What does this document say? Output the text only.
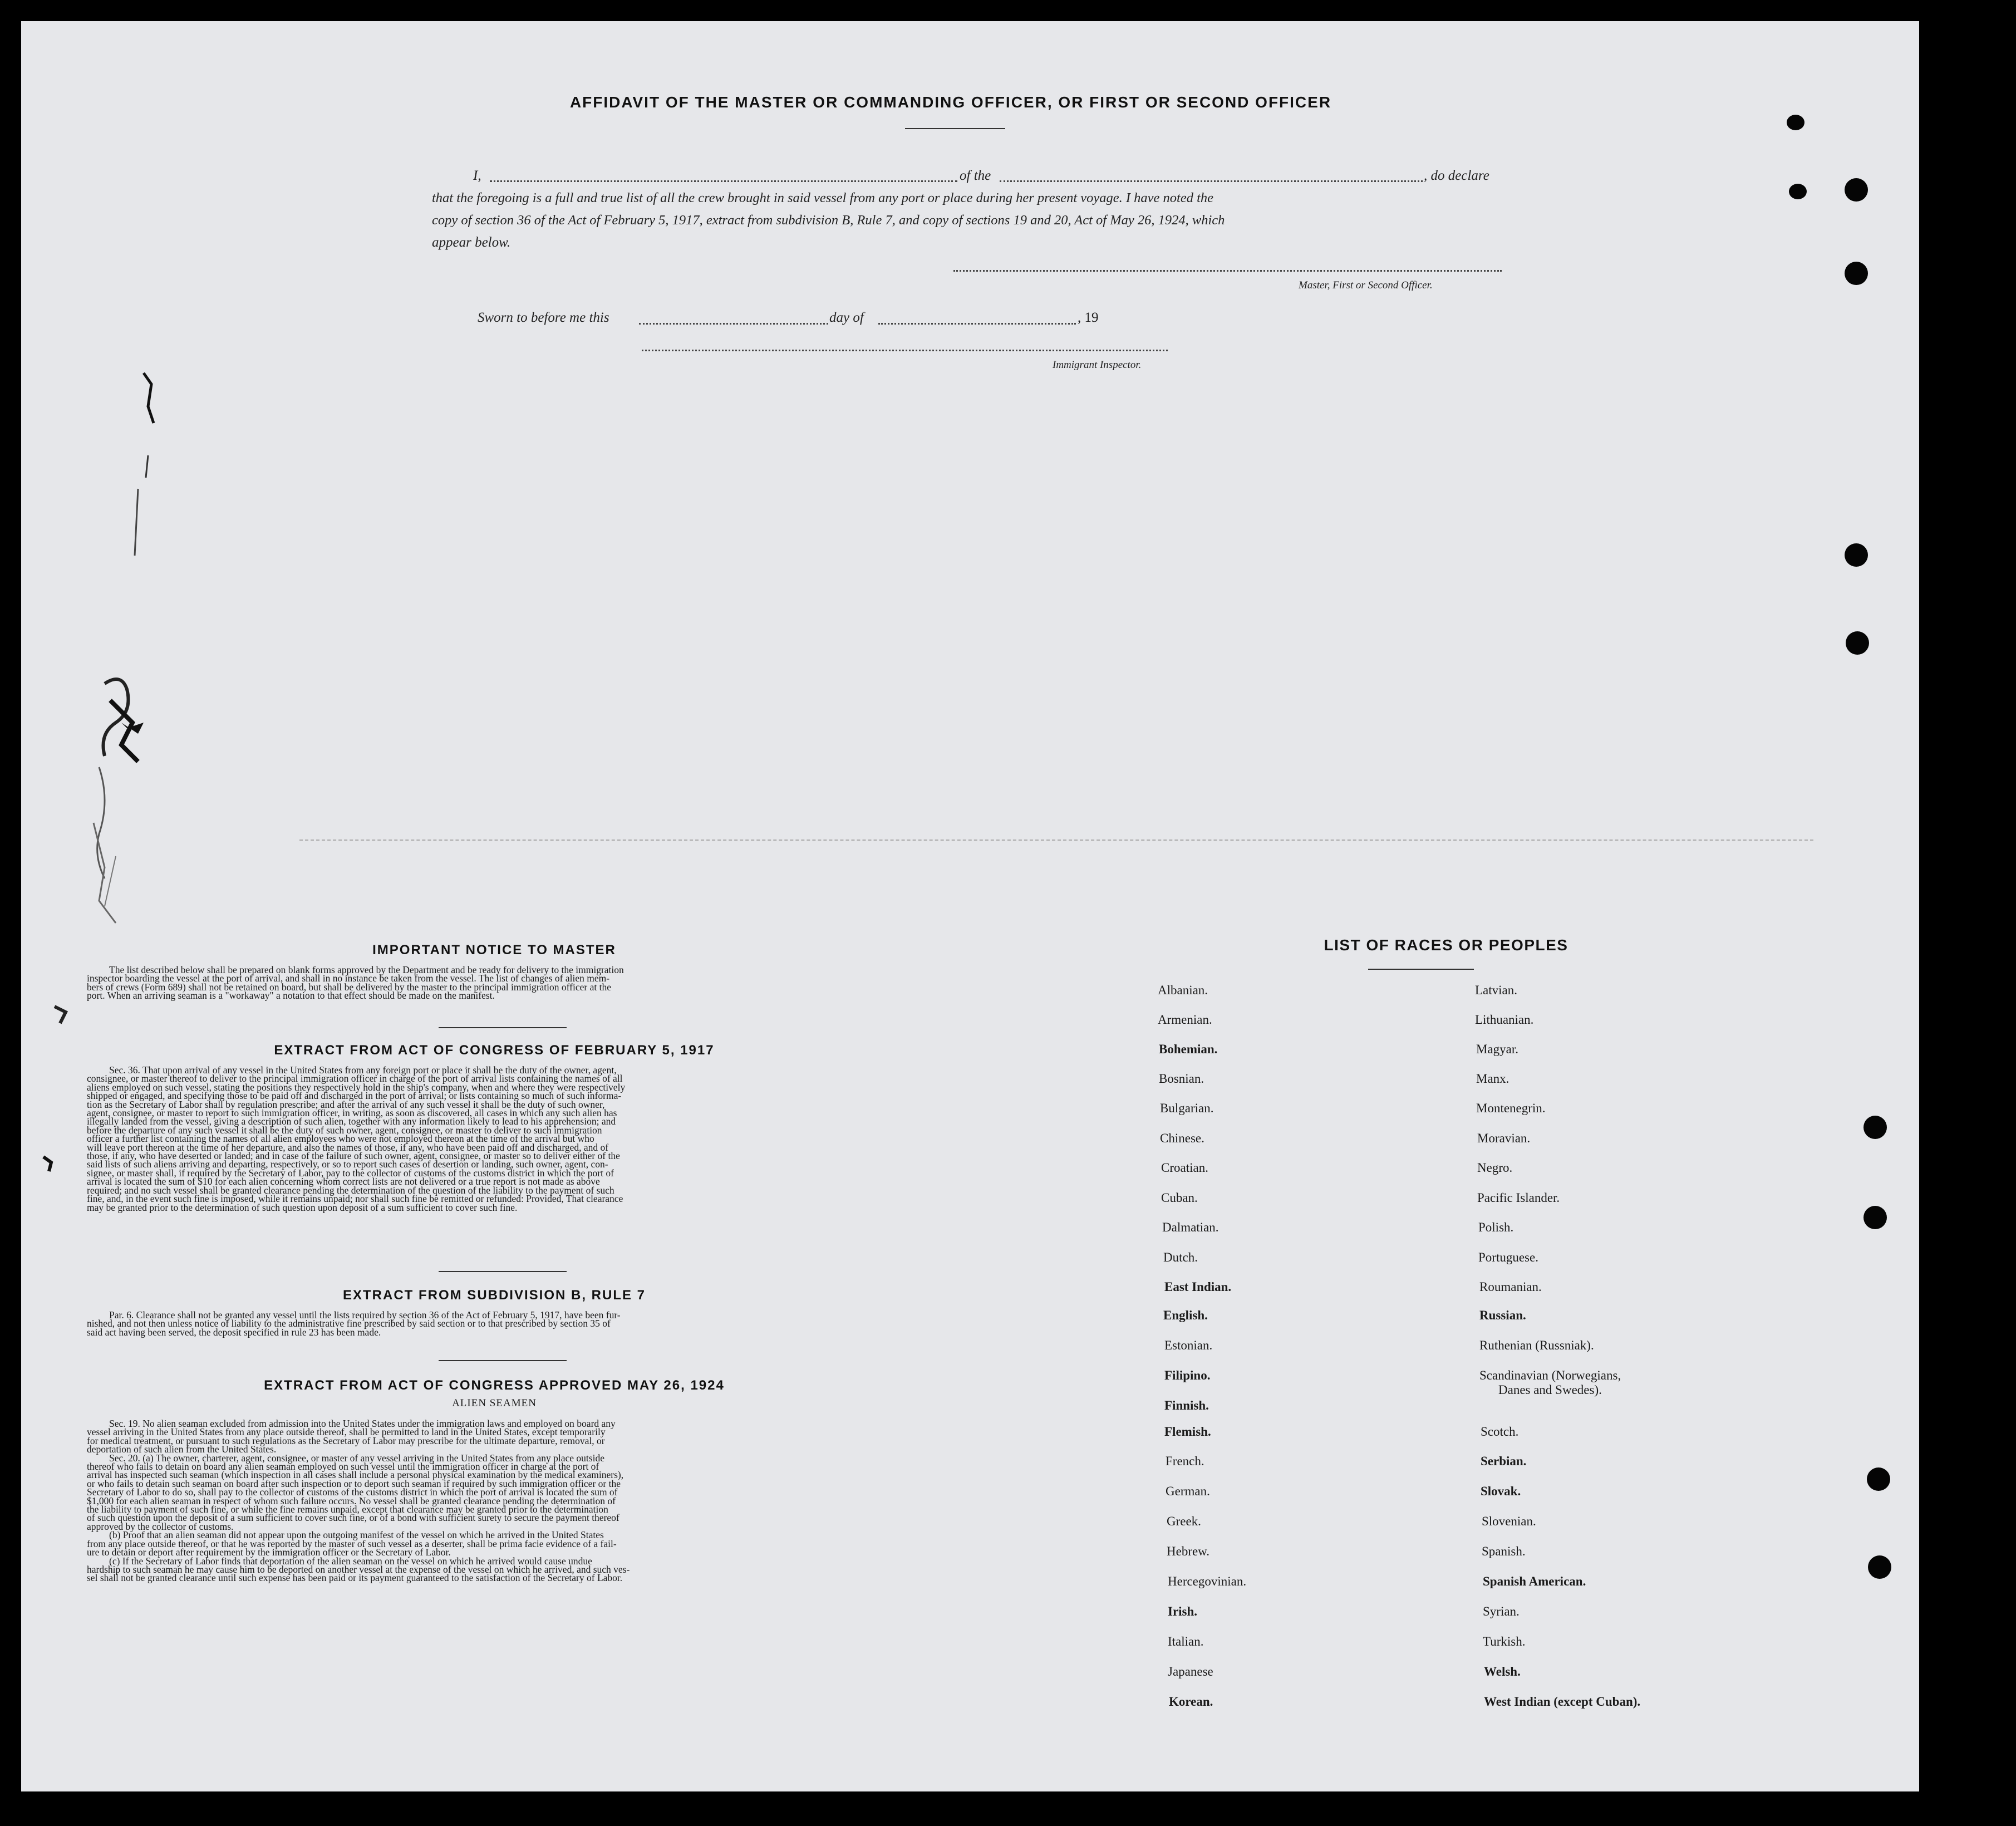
AFFIDAVIT OF THE MASTER OR COMMANDING OFFICER, OR FIRST OR SECOND OFFICER
I,	of the	, do declare
that the foregoing is a full and true list of all the crew brought in said vessel from any port or place during her present voyage. I have noted the
copy of section 36 of the Act of February 5, 1917, extract from subdivision B, Rule 7, and copy of sections 19 and 20, Act of May 26, 1924, which
appear below.
Master, First or Second Officer.
Sworn to before me this	day of	, 19
Immigrant Inspector.
IMPORTANT NOTICE TO MASTER
The list described below shall be prepared on blank forms approved by the Department and be ready for delivery to the immigration
inspector boarding the vessel at the port of arrival, and shall in no instance be taken from the vessel. The list of changes of alien mem-
bers of crews (Form 689) shall not be retained on board, but shall be delivered by the master to the principal immigration officer at the
port. When an arriving seaman is a "workaway" a notation to that effect should be made on the manifest.
EXTRACT FROM ACT OF CONGRESS OF FEBRUARY 5, 1917
Sec. 36. That upon arrival of any vessel in the United States from any foreign port or place it shall be the duty of the owner, agent,
consignee, or master thereof to deliver to the principal immigration officer in charge of the port of arrival lists containing the names of all
aliens employed on such vessel, stating the positions they respectively hold in the ship's company, when and where they were respectively
shipped or engaged, and specifying those to be paid off and discharged in the port of arrival; or lists containing so much of such informa-
tion as the Secretary of Labor shall by regulation prescribe; and after the arrival of any such vessel it shall be the duty of such owner,
agent, consignee, or master to report to such immigration officer, in writing, as soon as discovered, all cases in which any such alien has
illegally landed from the vessel, giving a description of such alien, together with any information likely to lead to his apprehension; and
before the departure of any such vessel it shall be the duty of such owner, agent, consignee, or master to deliver to such immigration
officer a further list containing the names of all alien employees who were not employed thereon at the time of the arrival but who
will leave port thereon at the time of her departure, and also the names of those, if any, who have been paid off and discharged, and of
those, if any, who have deserted or landed; and in case of the failure of such owner, agent, consignee, or master so to deliver either of the
said lists of such aliens arriving and departing, respectively, or so to report such cases of desertion or landing, such owner, agent, con-
signee, or master shall, if required by the Secretary of Labor, pay to the collector of customs of the customs district in which the port of
arrival is located the sum of $10 for each alien concerning whom correct lists are not delivered or a true report is not made as above
required; and no such vessel shall be granted clearance pending the determination of the question of the liability to the payment of such
fine, and, in the event such fine is imposed, while it remains unpaid; nor shall such fine be remitted or refunded: Provided, That clearance
may be granted prior to the determination of such question upon deposit of a sum sufficient to cover such fine.
EXTRACT FROM SUBDIVISION B, RULE 7
Par. 6. Clearance shall not be granted any vessel until the lists required by section 36 of the Act of February 5, 1917, have been fur-
nished, and not then unless notice of liability to the administrative fine prescribed by said section or to that prescribed by section 35 of
said act having been served, the deposit specified in rule 23 has been made.
EXTRACT FROM ACT OF CONGRESS APPROVED MAY 26, 1924
ALIEN SEAMEN
Sec. 19. No alien seaman excluded from admission into the United States under the immigration laws and employed on board any
vessel arriving in the United States from any place outside thereof, shall be permitted to land in the United States, except temporarily
for medical treatment, or pursuant to such regulations as the Secretary of Labor may prescribe for the ultimate departure, removal, or
deportation of such alien from the United States.
Sec. 20. (a) The owner, charterer, agent, consignee, or master of any vessel arriving in the United States from any place outside
thereof who fails to detain on board any alien seaman employed on such vessel until the immigration officer in charge at the port of
arrival has inspected such seaman (which inspection in all cases shall include a personal physical examination by the medical examiners),
or who fails to detain such seaman on board after such inspection or to deport such seaman if required by such immigration officer or the
Secretary of Labor to do so, shall pay to the collector of customs of the customs district in which the port of arrival is located the sum of
$1,000 for each alien seaman in respect of whom such failure occurs. No vessel shall be granted clearance pending the determination of
the liability to payment of such fine, or while the fine remains unpaid, except that clearance may be granted prior to the determination
of such question upon the deposit of a sum sufficient to cover such fine, or of a bond with sufficient surety to secure the payment thereof
approved by the collector of customs.
(b) Proof that an alien seaman did not appear upon the outgoing manifest of the vessel on which he arrived in the United States
from any place outside thereof, or that he was reported by the master of such vessel as a deserter, shall be prima facie evidence of a fail-
ure to detain or deport after requirement by the immigration officer or the Secretary of Labor.
(c) If the Secretary of Labor finds that deportation of the alien seaman on the vessel on which he arrived would cause undue
hardship to such seaman he may cause him to be deported on another vessel at the expense of the vessel on which he arrived, and such ves-
sel shall not be granted clearance until such expense has been paid or its payment guaranteed to the satisfaction of the Secretary of Labor.
LIST OF RACES OR PEOPLES
Albanian.
Armenian.
Bohemian.
Bosnian.
Bulgarian.
Chinese.
Croatian.
Cuban.
Dalmatian.
Dutch.
East Indian.
English.
Estonian.
Filipino.
Finnish.
Flemish.
French.
German.
Greek.
Hebrew.
Hercegovinian.
Irish.
Italian.
Japanese
Korean.
Latvian.
Lithuanian.
Magyar.
Manx.
Montenegrin.
Moravian.
Negro.
Pacific Islander.
Polish.
Portuguese.
Roumanian.
Russian.
Ruthenian (Russniak).
Scandinavian (Norwegians,
Danes and Swedes).
Scotch.
Serbian.
Slovak.
Slovenian.
Spanish.
Spanish American.
Syrian.
Turkish.
Welsh.
West Indian (except Cuban).
